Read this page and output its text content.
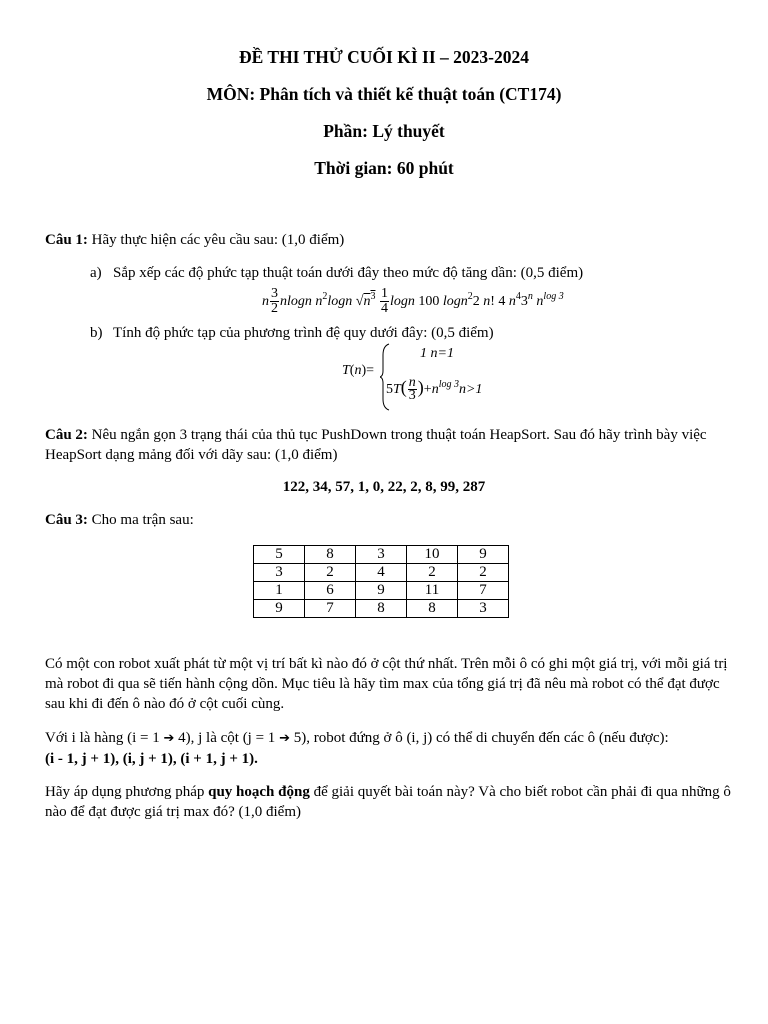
ĐỀ THI THỬ CUỐI KÌ II – 2023-2024
MÔN: Phân tích và thiết kế thuật toán (CT174)
Phần: Lý thuyết
Thời gian: 60 phút
Câu 1: Hãy thực hiện các yêu cầu sau: (1,0 điểm)
a) Sắp xếp các độ phức tạp thuật toán dưới đây theo mức độ tăng dần: (0,5 điểm)
n $\frac{3}{2}$ nlogn $n^2\log n$ $√n^3 \frac{1}{4}$ logn 100 logn$^2$2 n! 4 $n^43^n$ $n^{log 3}$
b) Tính độ phức tạp của phương trình đệ quy dưới đây: (0,5 điểm)
T(n)=
1 n=1
$5T( \frac{n}{3} )+n^{log 3}n>1$
Câu 2: Nêu ngắn gọn 3 trạng thái của thủ tục PushDown trong thuật toán HeapSort. Sau đó hãy trình bày việc HeapSort dạng mảng đối với dãy sau: (1,0 điểm)
122, 34, 57, 1, 0, 22, 2, 8, 99, 287
Câu 3: Cho ma trận sau:
5	8	3	10	9
3	2	4	2	2
1	6	9	11	7
9	7	8	8	3
Có một con robot xuất phát từ một vị trí bất kì nào đó ở cột thứ nhất. Trên mỗi ô có ghi một giá trị, với mỗi giá trị mà robot đi qua sẽ tiến hành cộng dồn. Mục tiêu là hãy tìm max của tổng giá trị đã nêu mà robot có thể đạt được sau khi đi đến ô nào đó ở cột cuối cùng.
Với i là hàng (i = 1 ➔ 4), j là cột (j = 1 ➔ 5), robot đứng ở ô (i, j) có thể di chuyển đến các ô (nếu được):
(i - 1, j + 1), (i, j + 1), (i + 1, j + 1).
Hãy áp dụng phương pháp quy hoạch động để giải quyết bài toán này? Và cho biết robot cần phải đi qua những ô nào để đạt được giá trị max đó? (1,0 điểm)
